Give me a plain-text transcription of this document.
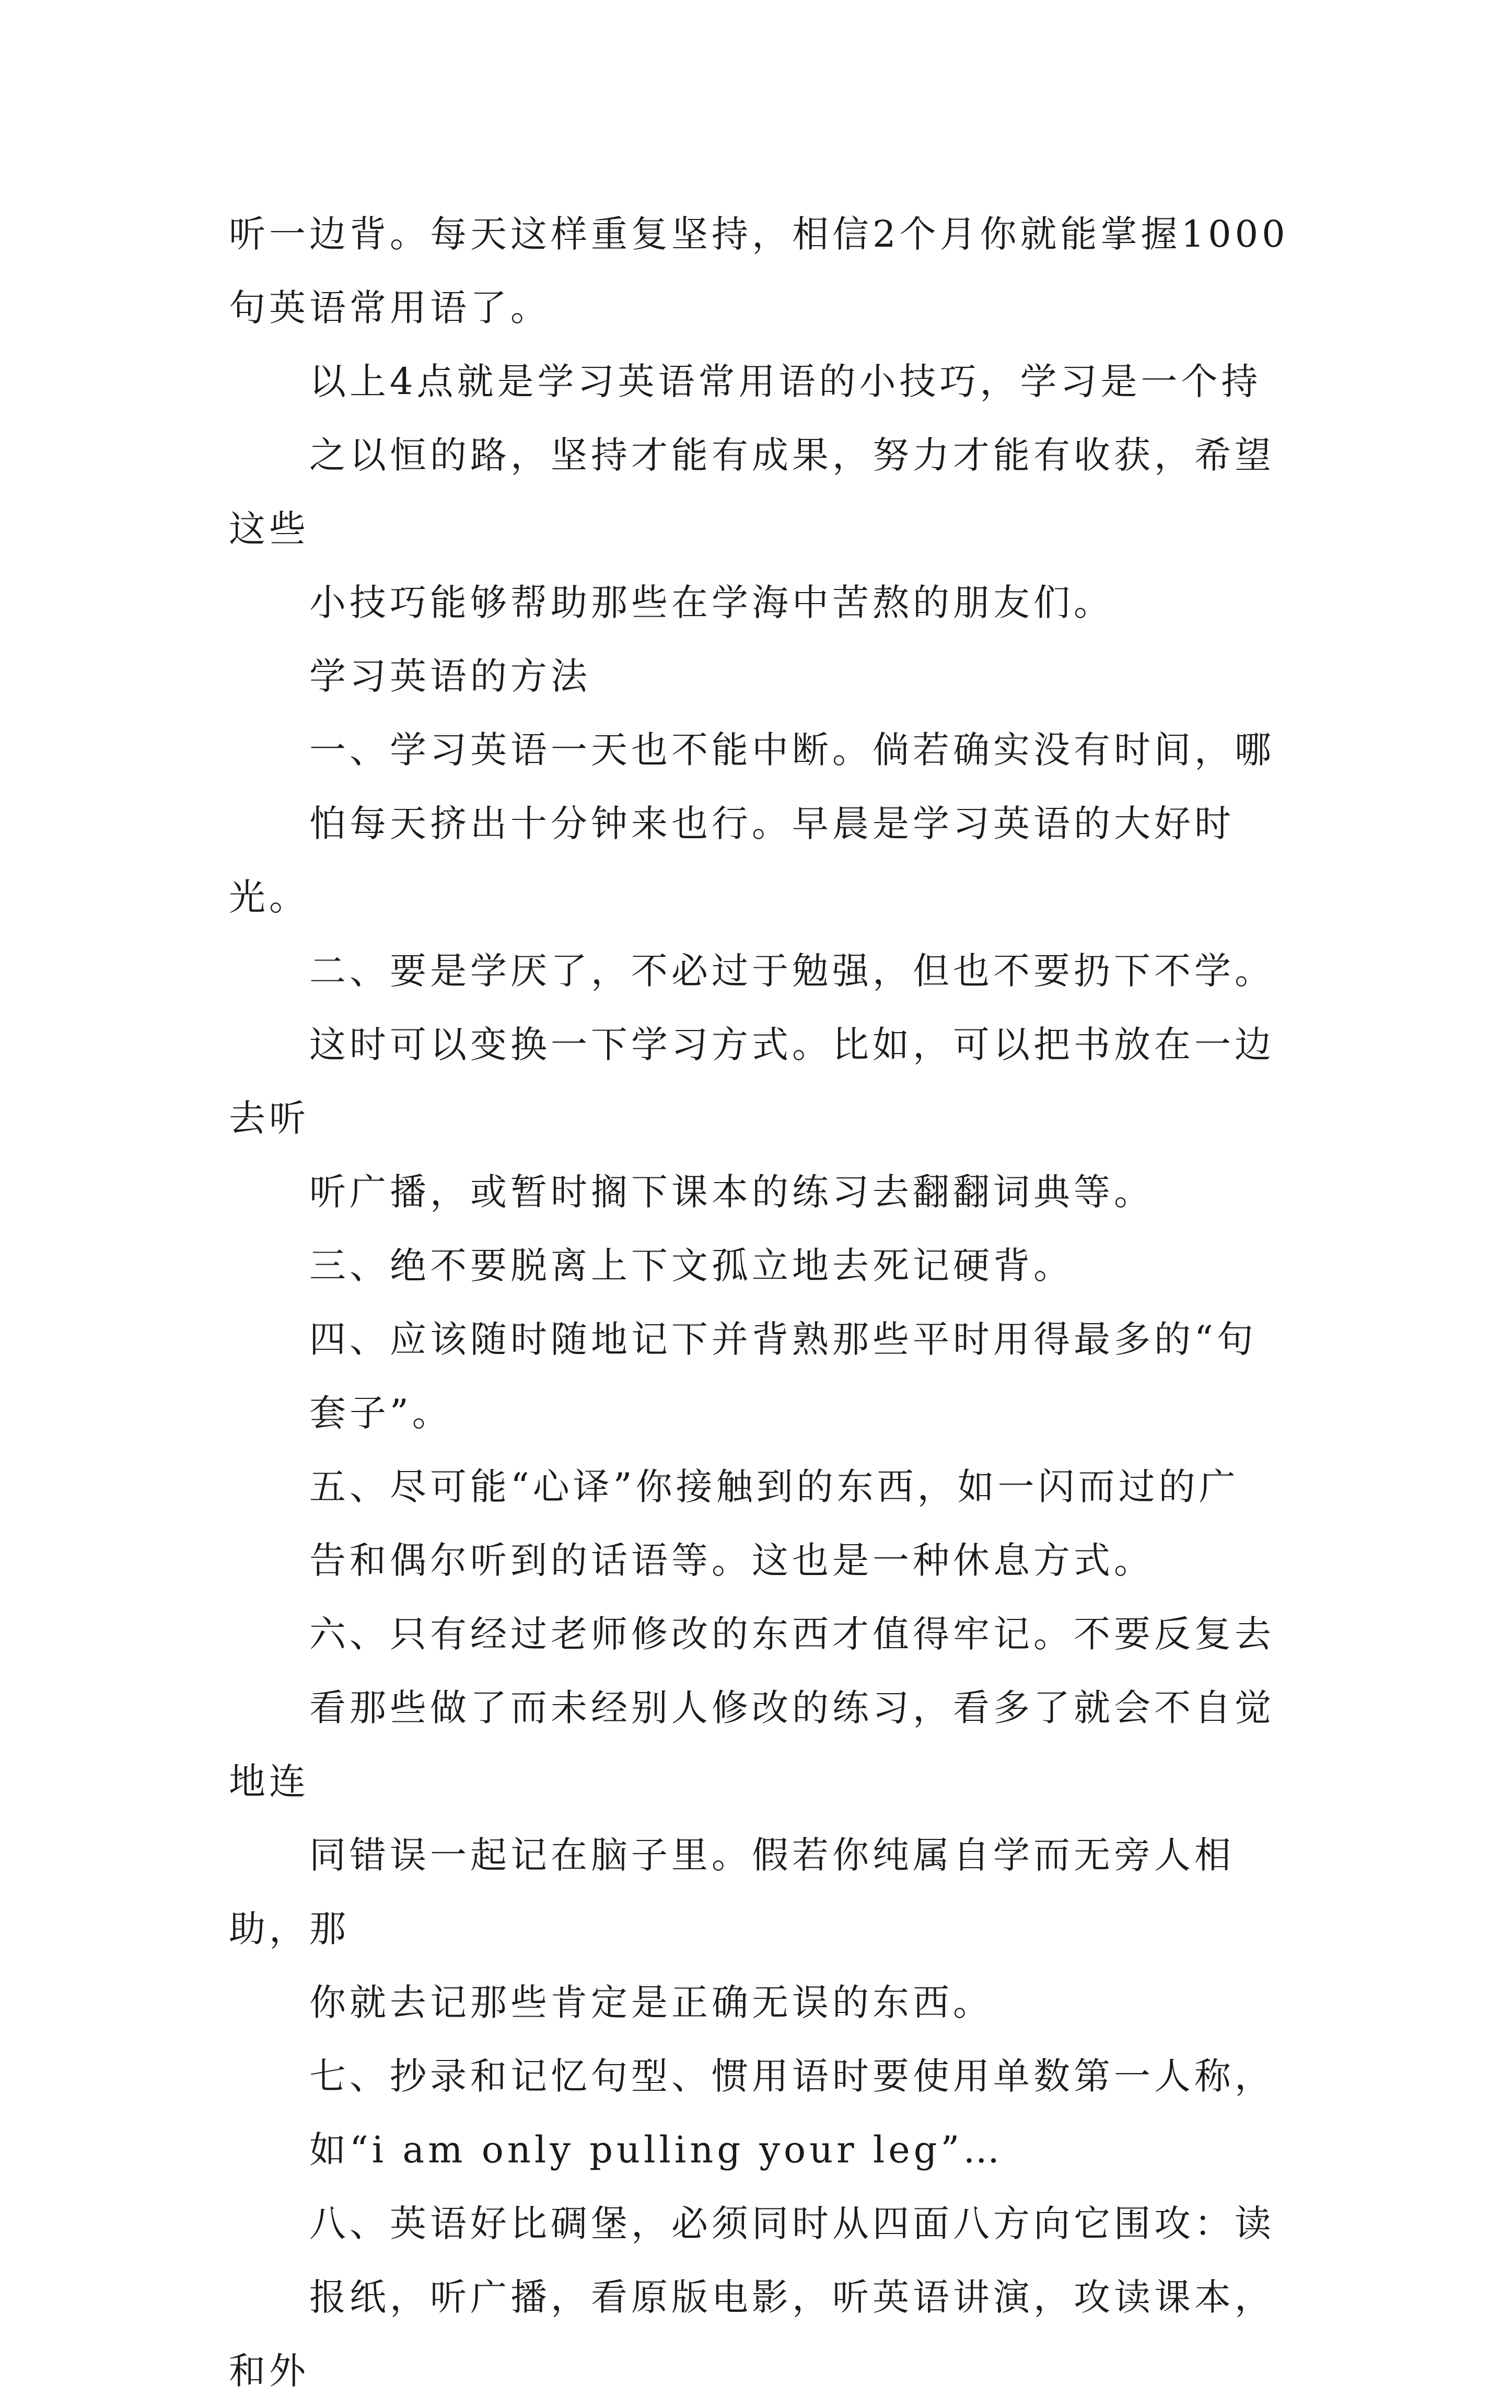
听一边背。每天这样重复坚持，相信2个月你就能掌握1000
句英语常用语了。
以上4点就是学习英语常用语的小技巧，学习是一个持
之以恒的路，坚持才能有成果，努力才能有收获，希望这些
小技巧能够帮助那些在学海中苦熬的朋友们。
学习英语的方法
一、学习英语一天也不能中断。倘若确实没有时间，哪
怕每天挤出十分钟来也行。早晨是学习英语的大好时光。
二、要是学厌了，不必过于勉强，但也不要扔下不学。
这时可以变换一下学习方式。比如，可以把书放在一边去听
听广播，或暂时搁下课本的练习去翻翻词典等。
三、绝不要脱离上下文孤立地去死记硬背。
四、应该随时随地记下并背熟那些平时用得最多的“句
套子”。
五、尽可能“心译”你接触到的东西，如一闪而过的广
告和偶尔听到的话语等。这也是一种休息方式。
六、只有经过老师修改的东西才值得牢记。不要反复去
看那些做了而未经别人修改的练习，看多了就会不自觉地连
同错误一起记在脑子里。假若你纯属自学而无旁人相助，那
你就去记那些肯定是正确无误的东西。
七、抄录和记忆句型、惯用语时要使用单数第一人称，
如“i am only pulling your leg”…
八、英语好比碉堡，必须同时从四面八方向它围攻：读
报纸，听广播，看原版电影，听英语讲演，攻读课本，和外
